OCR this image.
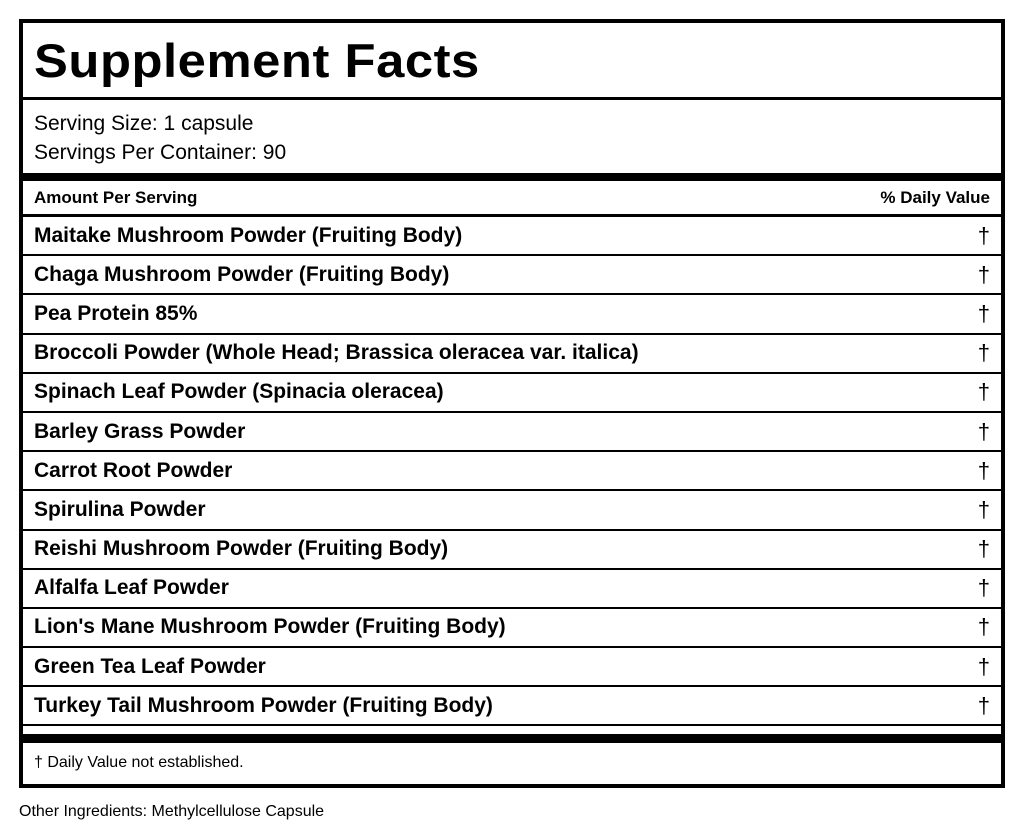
Supplement Facts
Serving Size: 1 capsule
Servings Per Container: 90
Amount Per Serving	% Daily Value
Maitake Mushroom Powder (Fruiting Body)	†
Chaga Mushroom Powder (Fruiting Body)	†
Pea Protein 85%	†
Broccoli Powder (Whole Head; Brassica oleracea var. italica)	†
Spinach Leaf Powder (Spinacia oleracea)	†
Barley Grass Powder	†
Carrot Root Powder	†
Spirulina Powder	†
Reishi Mushroom Powder (Fruiting Body)	†
Alfalfa Leaf Powder	†
Lion's Mane Mushroom Powder (Fruiting Body)	†
Green Tea Leaf Powder	†
Turkey Tail Mushroom Powder (Fruiting Body)	†
† Daily Value not established.
Other Ingredients: Methylcellulose Capsule
